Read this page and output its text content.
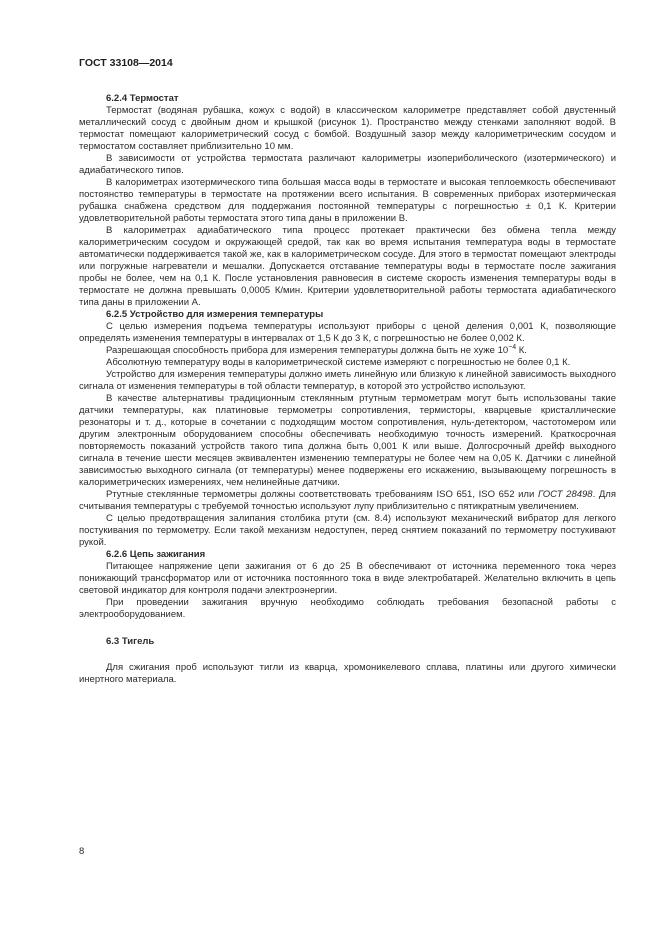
ГОСТ 33108—2014
6.2.4 Термостат

Термостат (водяная рубашка, кожух с водой) в классическом калориметре представляет собой двустенный металлический сосуд с двойным дном и крышкой (рисунок 1). Пространство между стенками заполняют водой. В термостат помещают калориметрический сосуд с бомбой. Воздушный зазор между калориметрическим сосудом и термостатом составляет приблизительно 10 мм.

В зависимости от устройства термостата различают калориметры изопериболического (изотермического) и адиабатического типов.

В калориметрах изотермического типа большая масса воды в термостате и высокая теплоемкость обеспечивают постоянство температуры в термостате на протяжении всего испытания. В современных приборах изотермическая рубашка снабжена средством для поддержания постоянной температуры с погрешностью ± 0,1 К. Критерии удовлетворительной работы термостата этого типа даны в приложении В.

В калориметрах адиабатического типа процесс протекает практически без обмена тепла между калориметрическим сосудом и окружающей средой, так как во время испытания температура воды в термостате автоматически поддерживается такой же, как в калориметрическом сосуде. Для этого в термостат помещают электроды или погружные нагреватели и мешалки. Допускается отставание температуры воды в термостате после зажигания пробы не более, чем на 0,1 К. После установления равновесия в системе скорость изменения температуры воды в термостате не должна превышать 0,0005 К/мин. Критерии удовлетворительной работы термостата адиабатического типа даны в приложении А.

6.2.5 Устройство для измерения температуры

С целью измерения подъема температуры используют приборы с ценой деления 0,001 К, позволяющие определять изменения температуры в интервалах от 1,5 К до 3 К, с погрешностью не более 0,002 К.

Разрешающая способность прибора для измерения температуры должна быть не хуже $10^{-4}$ К.

Абсолютную температуру воды в калориметрической системе измеряют с погрешностью не более 0,1 К.

Устройство для измерения температуры должно иметь линейную или близкую к линейной зависимость выходного сигнала от изменения температуры в той области температур, в которой это устройство используют.

В качестве альтернативы традиционным стеклянным ртутным термометрам могут быть использованы такие датчики температуры, как платиновые термометры сопротивления, термисторы, кварцевые кристаллические резонаторы и т. д., которые в сочетании с подходящим мостом сопротивления, нуль-детектором, частотомером или другим электронным оборудованием способны обеспечивать необходимую точность измерений. Краткосрочная повторяемость показаний устройств такого типа должна быть 0,001 К или выше. Долгосрочный дрейф выходного сигнала в течение шести месяцев эквивалентен изменению температуры не более чем на 0,05 К. Датчики с линейной зависимостью выходного сигнала (от температуры) менее подвержены его искажению, вызывающему погрешность в калориметрических измерениях, чем нелинейные датчики.

Ртутные стеклянные термометры должны соответствовать требованиям ISO 651, ISO 652 или ГОСТ 28498. Для считывания температуры с требуемой точностью используют лупу приблизительно с пятикратным увеличением.

С целью предотвращения залипания столбика ртути (см. 8.4) используют механический вибратор для легкого постукивания по термометру. Если такой механизм недоступен, перед снятием показаний по термометру постукивают рукой.

6.2.6 Цепь зажигания

Питающее напряжение цепи зажигания от 6 до 25 В обеспечивают от источника переменного тока через понижающий трансформатор или от источника постоянного тока в виде электробатарей. Желательно включить в цепь световой индикатор для контроля подачи электроэнергии.

При проведении зажигания вручную необходимо соблюдать требования безопасной работы с электрооборудованием.

6.3 Тигель

Для сжигания проб используют тигли из кварца, хромоникелевого сплава, платины или другого химически инертного материала.

8
